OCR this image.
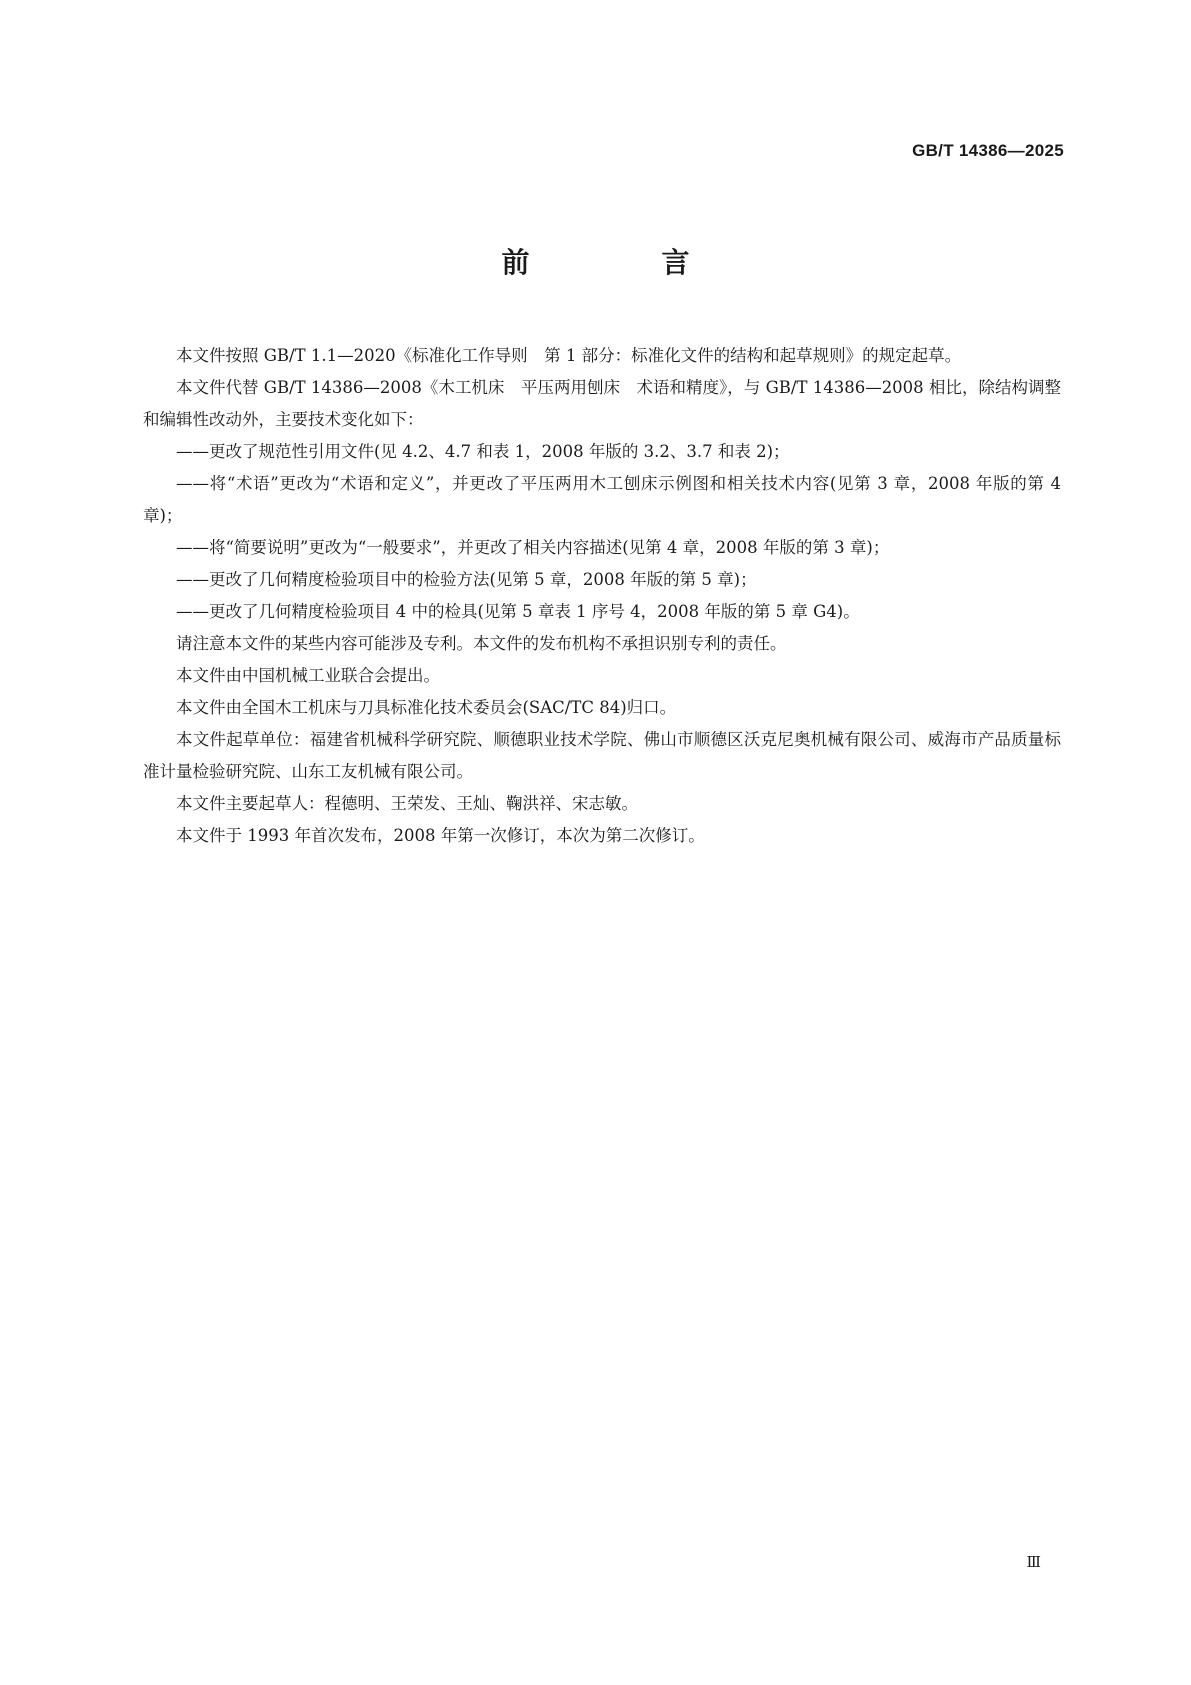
GB/T 14386—2025
前　言

本文件按照 GB/T 1.1—2020《标准化工作导则　第 1 部分：标准化文件的结构和起草规则》的规定起草。

本文件代替 GB/T 14386—2008《木工机床　平压两用刨床　术语和精度》，与 GB/T 14386—2008 相比，除结构调整和编辑性改动外，主要技术变化如下：

——更改了规范性引用文件(见 4.2、4.7 和表 1，2008 年版的 3.2、3.7 和表 2)；

——将“术语”更改为“术语和定义”，并更改了平压两用木工刨床示例图和相关技术内容(见第 3 章，2008 年版的第 4 章)；

——将“简要说明”更改为“一般要求”，并更改了相关内容描述(见第 4 章，2008 年版的第 3 章)；

——更改了几何精度检验项目中的检验方法(见第 5 章，2008 年版的第 5 章)；

——更改了几何精度检验项目 4 中的检具(见第 5 章表 1 序号 4，2008 年版的第 5 章 G4)。

请注意本文件的某些内容可能涉及专利。本文件的发布机构不承担识别专利的责任。

本文件由中国机械工业联合会提出。

本文件由全国木工机床与刀具标准化技术委员会(SAC/TC 84)归口。

本文件起草单位：福建省机械科学研究院、顺德职业技术学院、佛山市顺德区沃克尼奥机械有限公司、威海市产品质量标准计量检验研究院、山东工友机械有限公司。

本文件主要起草人：程德明、王荣发、王灿、鞠洪祥、宋志敏。

本文件于 1993 年首次发布，2008 年第一次修订，本次为第二次修订。

Ⅲ
